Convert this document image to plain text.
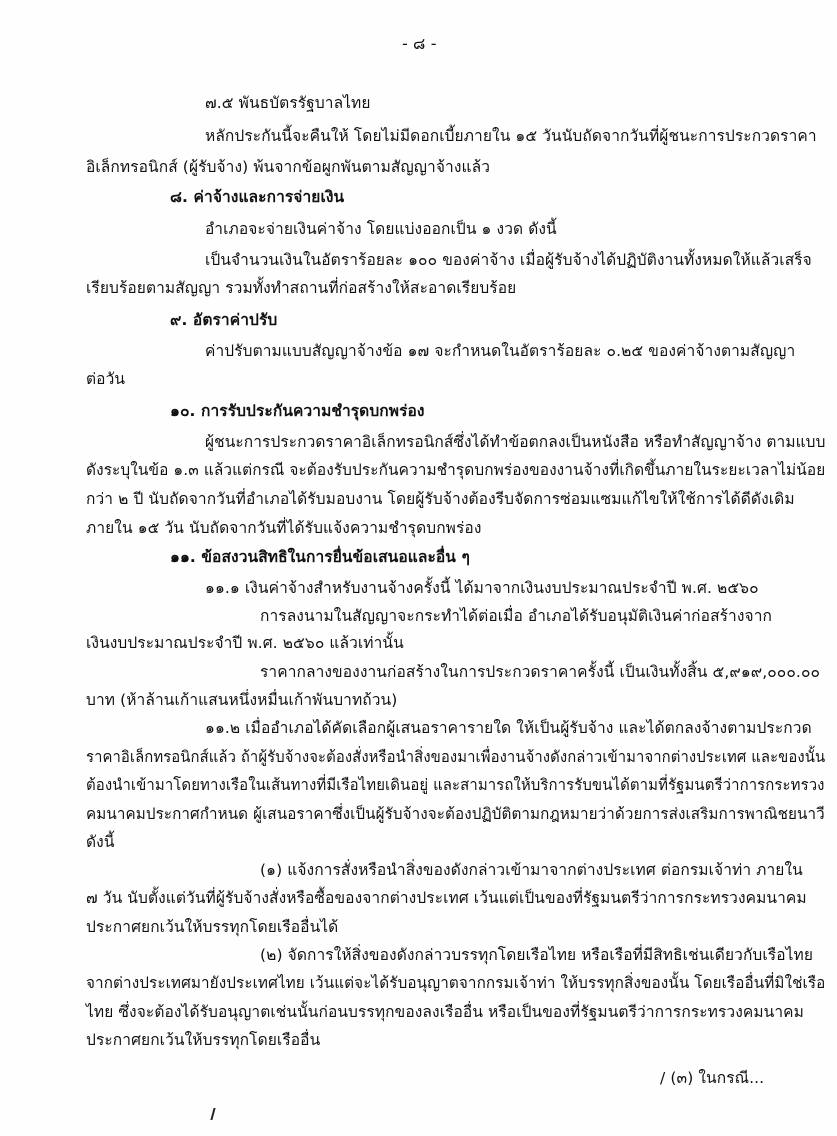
- ๘ -
๗.๕ พันธบัตรรัฐบาลไทย
หลักประกันนี้จะคืนให้ โดยไม่มีดอกเบี้ยภายใน ๑๕ วันนับถัดจากวันที่ผู้ชนะการประกวดราคา
อิเล็กทรอนิกส์ (ผู้รับจ้าง) พ้นจากข้อผูกพันตามสัญญาจ้างแล้ว
๘. ค่าจ้างและการจ่ายเงิน
อำเภอจะจ่ายเงินค่าจ้าง โดยแบ่งออกเป็น ๑ งวด ดังนี้
เป็นจำนวนเงินในอัตราร้อยละ ๑๐๐ ของค่าจ้าง เมื่อผู้รับจ้างได้ปฏิบัติงานทั้งหมดให้แล้วเสร็จ
เรียบร้อยตามสัญญา รวมทั้งทำสถานที่ก่อสร้างให้สะอาดเรียบร้อย
๙. อัตราค่าปรับ
ค่าปรับตามแบบสัญญาจ้างข้อ ๑๗ จะกำหนดในอัตราร้อยละ ๐.๒๕ ของค่าจ้างตามสัญญา
ต่อวัน
๑๐. การรับประกันความชำรุดบกพร่อง
ผู้ชนะการประกวดราคาอิเล็กทรอนิกส์ซึ่งได้ทำข้อตกลงเป็นหนังสือ หรือทำสัญญาจ้าง ตามแบบ
ดังระบุในข้อ ๑.๓ แล้วแต่กรณี จะต้องรับประกันความชำรุดบกพร่องของงานจ้างที่เกิดขึ้นภายในระยะเวลาไม่น้อย
กว่า ๒ ปี นับถัดจากวันที่อำเภอได้รับมอบงาน โดยผู้รับจ้างต้องรีบจัดการซ่อมแซมแก้ไขให้ใช้การได้ดีดังเดิม
ภายใน ๑๕ วัน นับถัดจากวันที่ได้รับแจ้งความชำรุดบกพร่อง
๑๑. ข้อสงวนสิทธิในการยื่นข้อเสนอและอื่น ๆ
๑๑.๑ เงินค่าจ้างสำหรับงานจ้างครั้งนี้ ได้มาจากเงินงบประมาณประจำปี พ.ศ. ๒๕๖๐
การลงนามในสัญญาจะกระทำได้ต่อเมื่อ อำเภอได้รับอนุมัติเงินค่าก่อสร้างจาก
เงินงบประมาณประจำปี พ.ศ. ๒๕๖๐ แล้วเท่านั้น
ราคากลางของงานก่อสร้างในการประกวดราคาครั้งนี้ เป็นเงินทั้งสิ้น ๕,๙๑๙,๐๐๐.๐๐
บาท (ห้าล้านเก้าแสนหนึ่งหมื่นเก้าพันบาทถ้วน)
๑๑.๒ เมื่ออำเภอได้คัดเลือกผู้เสนอราคารายใด ให้เป็นผู้รับจ้าง และได้ตกลงจ้างตามประกวด
ราคาอิเล็กทรอนิกส์แล้ว ถ้าผู้รับจ้างจะต้องสั่งหรือนำสิ่งของมาเพื่องานจ้างดังกล่าวเข้ามาจากต่างประเทศ และของนั้น
ต้องนำเข้ามาโดยทางเรือในเส้นทางที่มีเรือไทยเดินอยู่ และสามารถให้บริการรับขนได้ตามที่รัฐมนตรีว่าการกระทรวง
คมนาคมประกาศกำหนด ผู้เสนอราคาซึ่งเป็นผู้รับจ้างจะต้องปฏิบัติตามกฎหมายว่าด้วยการส่งเสริมการพาณิชยนาวี
ดังนี้
(๑) แจ้งการสั่งหรือนำสิ่งของดังกล่าวเข้ามาจากต่างประเทศ ต่อกรมเจ้าท่า ภายใน
๗ วัน นับตั้งแต่วันที่ผู้รับจ้างสั่งหรือซื้อของจากต่างประเทศ เว้นแต่เป็นของที่รัฐมนตรีว่าการกระทรวงคมนาคม
ประกาศยกเว้นให้บรรทุกโดยเรืออื่นได้
(๒) จัดการให้สิ่งของดังกล่าวบรรทุกโดยเรือไทย หรือเรือที่มีสิทธิเช่นเดียวกับเรือไทย
จากต่างประเทศมายังประเทศไทย เว้นแต่จะได้รับอนุญาตจากกรมเจ้าท่า ให้บรรทุกสิ่งของนั้น โดยเรืออื่นที่มิใช่เรือ
ไทย ซึ่งจะต้องได้รับอนุญาตเช่นนั้นก่อนบรรทุกของลงเรืออื่น หรือเป็นของที่รัฐมนตรีว่าการกระทรวงคมนาคม
ประกาศยกเว้นให้บรรทุกโดยเรืออื่น
/ (๓) ในกรณี...
